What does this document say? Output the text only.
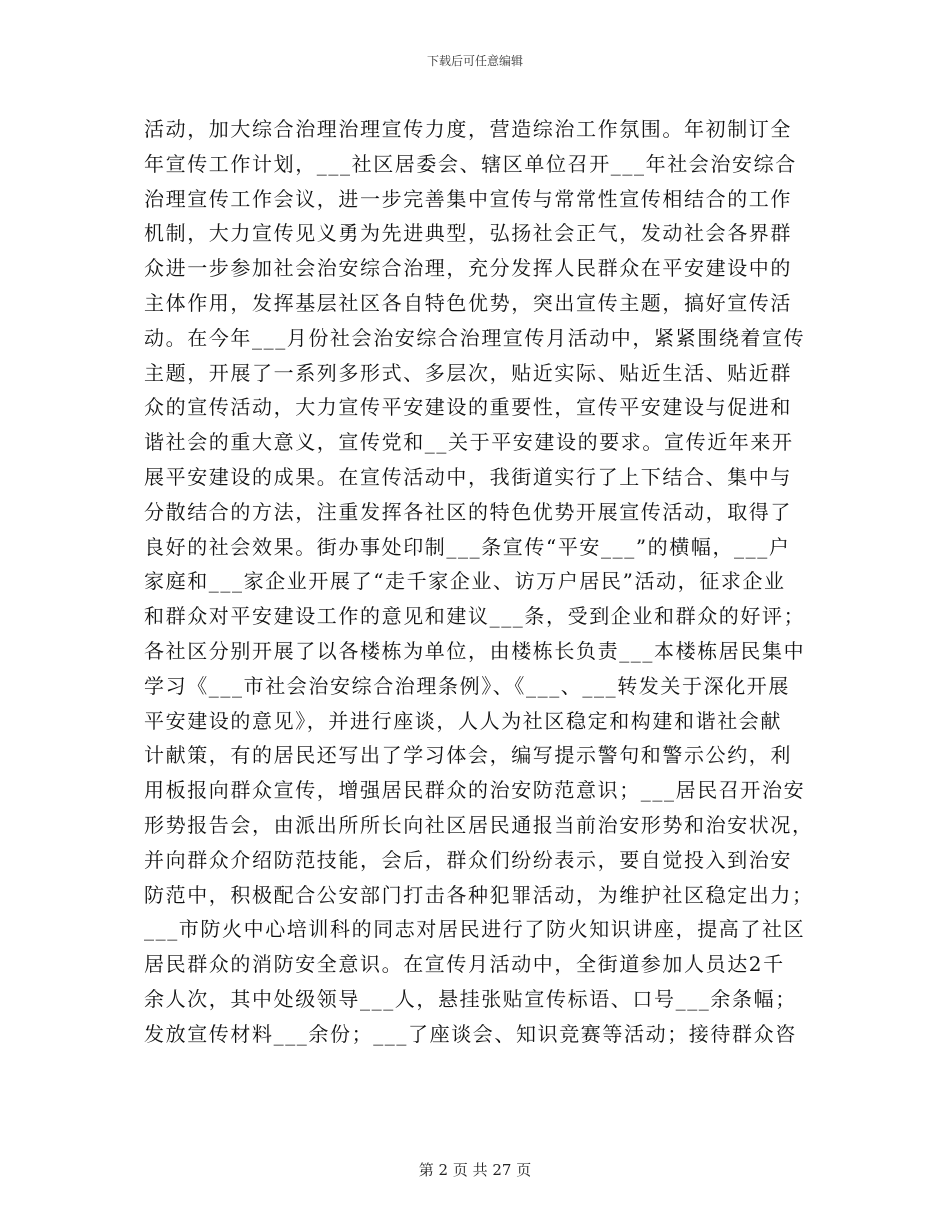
下载后可任意编辑
活动，加大综合治理治理宣传力度，营造综治工作氛围。年初制订全
年宣传工作计划，___社区居委会、辖区单位召开___年社会治安综合
治理宣传工作会议，进一步完善集中宣传与常常性宣传相结合的工作
机制，大力宣传见义勇为先进典型，弘扬社会正气，发动社会各界群
众进一步参加社会治安综合治理，充分发挥人民群众在平安建设中的
主体作用，发挥基层社区各自特色优势，突出宣传主题，搞好宣传活
动。在今年___月份社会治安综合治理宣传月活动中，紧紧围绕着宣传
主题，开展了一系列多形式、多层次，贴近实际、贴近生活、贴近群
众的宣传活动，大力宣传平安建设的重要性，宣传平安建设与促进和
谐社会的重大意义，宣传党和__关于平安建设的要求。宣传近年来开
展平安建设的成果。在宣传活动中，我街道实行了上下结合、集中与
分散结合的方法，注重发挥各社区的特色优势开展宣传活动，取得了
良好的社会效果。街办事处印制___条宣传“平安___”的横幅，___户
家庭和___家企业开展了“走千家企业、访万户居民”活动，征求企业
和群众对平安建设工作的意见和建议___条，受到企业和群众的好评；
各社区分别开展了以各楼栋为单位，由楼栋长负责___本楼栋居民集中
学习《___市社会治安综合治理条例》、《___、___转发关于深化开展
平安建设的意见》，并进行座谈，人人为社区稳定和构建和谐社会献
计献策，有的居民还写出了学习体会，编写提示警句和警示公约，利
用板报向群众宣传，增强居民群众的治安防范意识；___居民召开治安
形势报告会，由派出所所长向社区居民通报当前治安形势和治安状况，
并向群众介绍防范技能，会后，群众们纷纷表示，要自觉投入到治安
防范中，积极配合公安部门打击各种犯罪活动，为维护社区稳定出力；
___市防火中心培训科的同志对居民进行了防火知识讲座，提高了社区
居民群众的消防安全意识。在宣传月活动中，全街道参加人员达2千
余人次，其中处级领导___人，悬挂张贴宣传标语、口号___余条幅；
发放宣传材料___余份；___了座谈会、知识竞赛等活动；接待群众咨
第 2 页 共 27 页
